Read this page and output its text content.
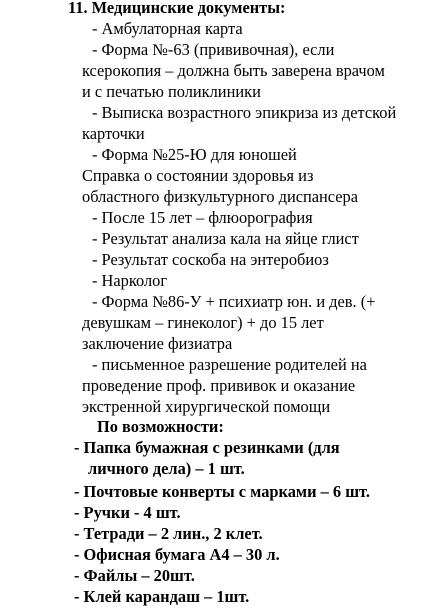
11. Медицинские документы:
- Амбулаторная карта
- Форма №-63 (прививочная), если
ксерокопия – должна быть заверена врачом
и с печатью поликлиники
- Выписка возрастного эпикриза из детской
карточки
- Форма №25-Ю для юношей
Справка о состоянии здоровья из
областного физкультурного диспансера
- После 15 лет – флюорография
- Результат анализа кала на яйце глист
- Результат соскоба на энтеробиоз
- Нарколог
- Форма №86-У + психиатр юн. и дев. (+
девушкам – гинеколог) + до 15 лет
заключение физиатра
- письменное разрешение родителей на
проведение проф. прививок и оказание
экстренной хирургической помощи
По возможности:
- Папка бумажная с резинками (для
личного дела) – 1 шт.
- Почтовые конверты с марками – 6 шт.
- Ручки - 4 шт.
- Тетради – 2 лин., 2 клет.
- Офисная бумага А4 – 30 л.
- Файлы – 20шт.
- Клей карандаш – 1шт.
